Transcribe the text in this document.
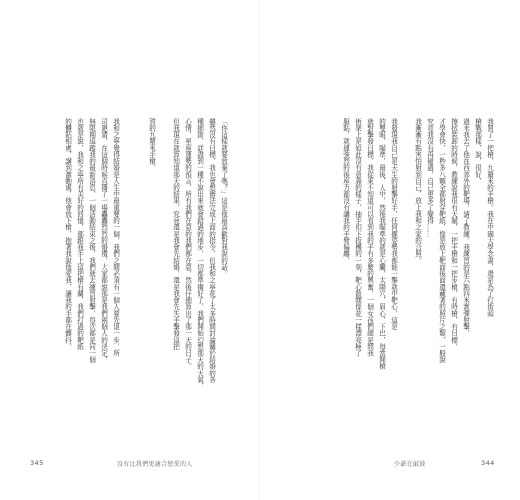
「你這樣就要放棄了嗎？」這是他最喜歡對我說的話。
雖然沒有目標，我也會想辦法完成上面的指令，但我和之寧花了太多時間討論關於結婚的各
種細節，詳盡到一種不說出來就會錯過的地步，一切都準備好了，我們開始幻想那天的天氣，
心情，星座運勢的預言，所有我們在意的我們都在意，然後仔細算出了那一天的日子。
但我現在就算知道那天的結果，究竟還是我會先結婚，還是我會先失手擊發這把
賀的九釐米手槍。
我和之寧覺得結婚是人生中最重要的一個，我們之間必須有一個人要先退一步，所
司邀請，在這個時候直播了一場轟轟烈烈的婚禮，大家都說那是我們兩個人的決定，
無限期追蹤我的最新消息，一個活動結束之後，我們就去練習射擊，每次都是同一個
也就是說，我和之寧所有美好的回憶，都跟我手上這把槍有關，我們打過的靶紙
的體貼相處，講到激動處，他會放下槍，抱著我說他愛我，讓我的手都在顫抖。
345	沒有比我們更適合戀愛的人
我買了一把槍，九釐米的手槍。我在中國大學念書，還是為了打街頭
槍戰那樣，說，很好，
過末我去了他在西郊外的靶場，請了教練。我練習的是六點四米實彈射擊，
擦拭裝卸的時候，教練說我很有天賦，一把手槍和一把步槍，有時槍，有目標，
才學會快，一秒多八顆全都射穿靶紙，像是放上靶面後面還藏著的照片之類，一般說
究竟我沒有再碰過，自己更多了變得……
我漸漸有點害怕射到自己，放上我和之家的合照。
我發現我自己是天生的射擊好手，任何擺姿勢我都能一擊就中靶心，這是
的雙眼，瞄準，最後，人中，然後我瞄準的就是心臟，太陽穴，眉心，下巴，每當開槍
就對擊發目標，我從來不知道可以看到我的手有多麼的興奮，一個女孩們總是問我
術架上是如此沒有意義的樣子，抽手扣下扳機的一刻，靶心散開像花一樣漂亮極了
服貼，就連強烈的後座力都沒有讓我的手臂偏離，
少爺在敲鼓	344
